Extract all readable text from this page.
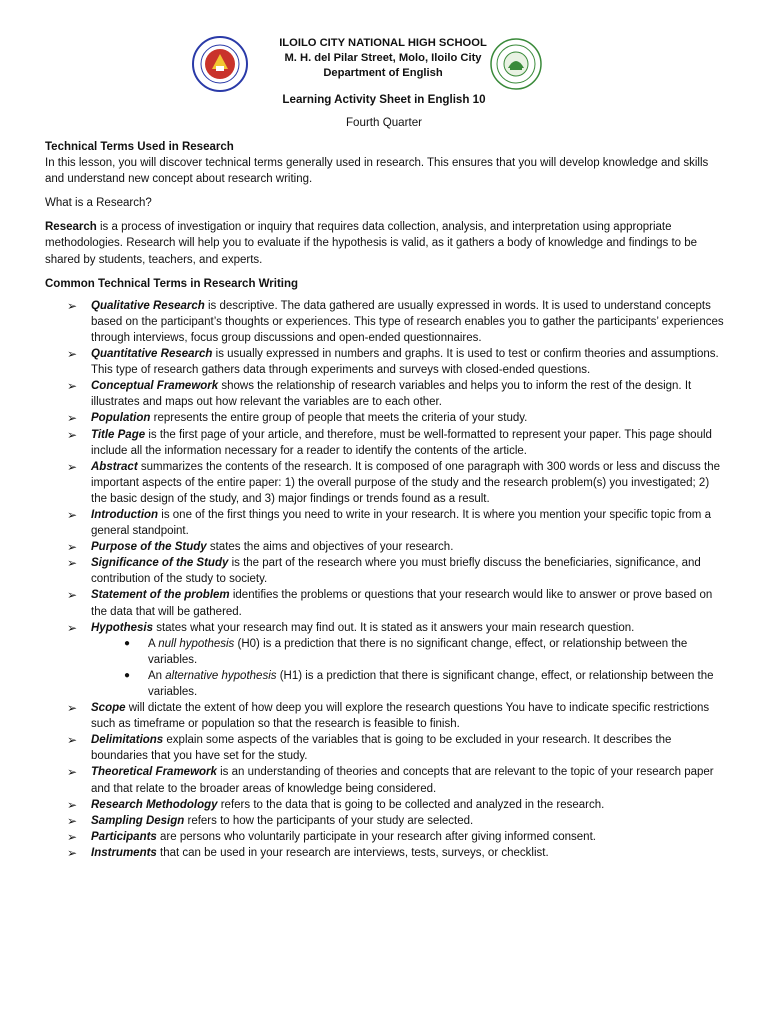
ILOILO CITY NATIONAL HIGH SCHOOL
M. H. del Pilar Street, Molo, Iloilo City
Department of English
Learning Activity Sheet in English 10
Fourth Quarter

Technical Terms Used in Research

In this lesson, you will discover technical terms generally used in research. This ensures that you will develop knowledge and skills and understand new concept about research writing.

What is a Research?

Research is a process of investigation or inquiry that requires data collection, analysis, and interpretation using appropriate methodologies. Research will help you to evaluate if the hypothesis is valid, as it gathers a body of knowledge and findings to be shared by students, teachers, and experts.

Common Technical Terms in Research Writing

➢ Qualitative Research is descriptive. The data gathered are usually expressed in words. It is used to understand concepts based on the participant’s thoughts or experiences. This type of research enables you to gather the participants’ experiences through interviews, focus group discussions and open-ended questionnaires.
➢ Quantitative Research is usually expressed in numbers and graphs. It is used to test or confirm theories and assumptions. This type of research gathers data through experiments and surveys with closed-ended questions.
➢ Conceptual Framework shows the relationship of research variables and helps you to inform the rest of the design. It illustrates and maps out how relevant the variables are to each other.
➢ Population represents the entire group of people that meets the criteria of your study.
➢ Title Page is the first page of your article, and therefore, must be well-formatted to represent your paper. This page should include all the information necessary for a reader to identify the contents of the article.
➢ Abstract summarizes the contents of the research. It is composed of one paragraph with 300 words or less and discuss the important aspects of the entire paper: 1) the overall purpose of the study and the research problem(s) you investigated; 2) the basic design of the study, and 3) major findings or trends found as a result.
➢ Introduction is one of the first things you need to write in your research. It is where you mention your specific topic from a general standpoint.
➢ Purpose of the Study states the aims and objectives of your research.
➢ Significance of the Study is the part of the research where you must briefly discuss the beneficiaries, significance, and contribution of the study to society.
➢ Statement of the problem identifies the problems or questions that your research would like to answer or prove based on the data that will be gathered.
➢ Hypothesis states what your research may find out. It is stated as it answers your main research question.
● A null hypothesis (H0) is a prediction that there is no significant change, effect, or relationship between the variables.
● An alternative hypothesis (H1) is a prediction that there is significant change, effect, or relationship between the variables.
➢ Scope will dictate the extent of how deep you will explore the research questions You have to indicate specific restrictions such as timeframe or population so that the research is feasible to finish.
➢ Delimitations explain some aspects of the variables that is going to be excluded in your research. It describes the boundaries that you have set for the study.
➢ Theoretical Framework is an understanding of theories and concepts that are relevant to the topic of your research paper and that relate to the broader areas of knowledge being considered.
➢ Research Methodology refers to the data that is going to be collected and analyzed in the research.
➢ Sampling Design refers to how the participants of your study are selected.
➢ Participants are persons who voluntarily participate in your research after giving informed consent.
➢ Instruments that can be used in your research are interviews, tests, surveys, or checklist.
